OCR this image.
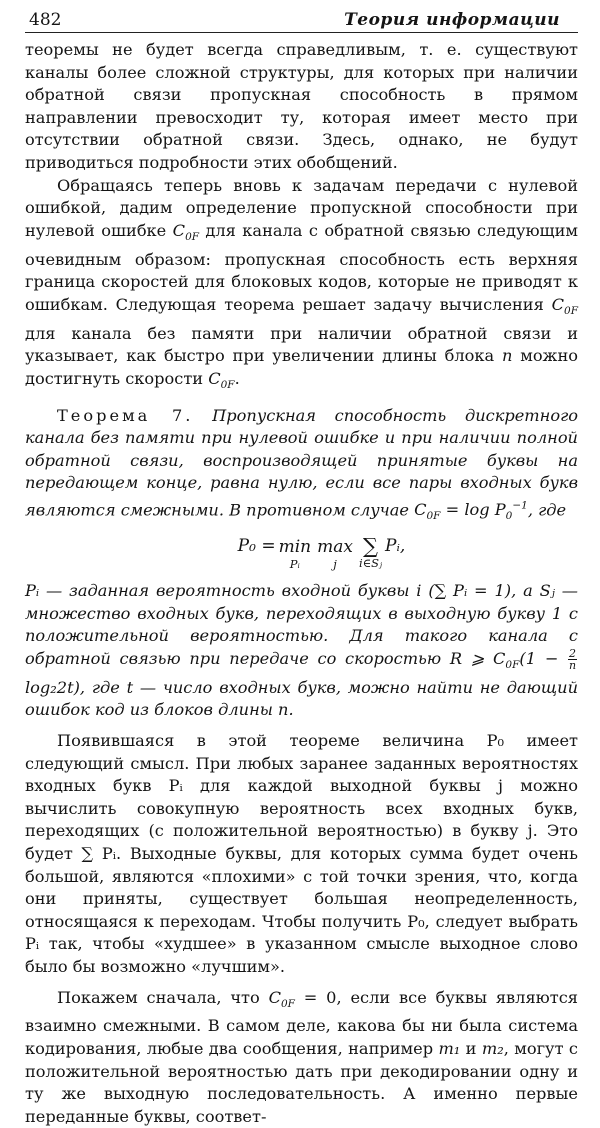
482	Теория информации

теоремы не будет всегда справедливым, т. е. существуют каналы более сложной структуры, для которых при наличии обратной связи пропускная способность в прямом направлении превосходит ту, которая имеет место при отсутствии обратной связи. Здесь, однако, не будут приводиться подробности этих обобщений.

Обращаясь теперь вновь к задачам передачи с нулевой ошибкой, дадим определение пропускной способности при нулевой ошибке $C_{0F}$ для канала с обратной связью следующим очевидным образом: пропускная способность есть верхняя граница скоростей для блоковых кодов, которые не приводят к ошибкам. Следующая теорема решает задачу вычисления $C_{0F}$ для канала без памяти при наличии обратной связи и указывает, как быстро при увеличении длины блока n можно достигнуть скорости $C_{0F}$.

Теорема 7. Пропускная способность дискретного канала без памяти при нулевой ошибке и при наличии полной обратной связи, воспроизводящей принятые буквы на передающем конце, равна нулю, если все пары входных букв являются смежными. В противном случае $C_{0F} = \log P_0^{-1}$, где

P₀ = min
Pᵢ
max
j
∑
i∈Sⱼ
Pᵢ,

Pᵢ — заданная вероятность входной буквы i (∑ Pᵢ = 1), а Sⱼ — множество входных букв, переходящих в выходную букву 1 с положительной вероятностью. Для такого канала с обратной связью при передаче со скоростью R ⩾ $C_{0F}(1 - \frac{2}{n}$
log₂2t), где t — число входных букв, можно найти не дающий ошибок код из блоков длины n.

Появившаяся в этой теореме величина P₀ имеет следующий смысл. При любых заранее заданных вероятностях входных букв Pᵢ для каждой выходной буквы j можно вычислить совокупную вероятность всех входных букв, переходящих (с положительной вероятностью) в букву j. Это будет ∑ Pᵢ. Выходные буквы, для которых сумма будет очень большой, являются «плохими» с той точки зрения, что, когда они приняты, существует большая неопределенность, относящаяся к переходам. Чтобы получить P₀, следует выбрать Pᵢ так, чтобы «худшее» в указанном смысле выходное слово было бы возможно «лучшим».

Покажем сначала, что $C_{0F} = 0$, если все буквы являются взаимно смежными. В самом деле, какова бы ни была система кодирования, любые два сообщения, например m₁ и m₂, могут с положительной вероятностью дать при декодировании одну и ту же выходную последовательность. А именно первые переданные буквы, соответ-
